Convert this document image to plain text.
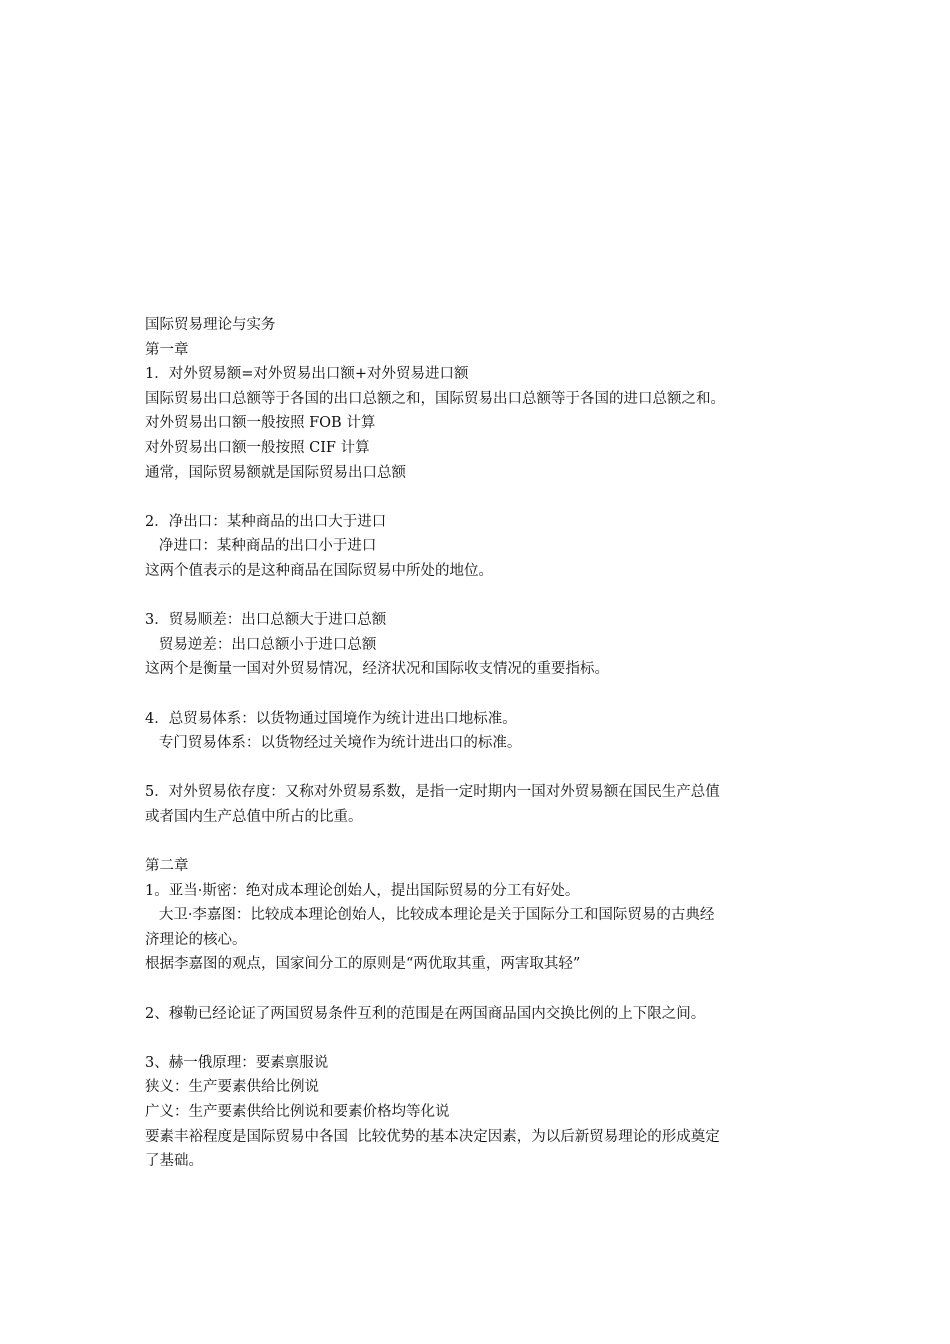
国际贸易理论与实务
第一章
1．对外贸易额=对外贸易出口额+对外贸易进口额
国际贸易出口总额等于各国的出口总额之和，国际贸易出口总额等于各国的进口总额之和。
对外贸易出口额一般按照 FOB 计算
对外贸易出口额一般按照 CIF 计算
通常，国际贸易额就是国际贸易出口总额
2．净出口：某种商品的出口大于进口
净进口：某种商品的出口小于进口
这两个值表示的是这种商品在国际贸易中所处的地位。
3．贸易顺差：出口总额大于进口总额
贸易逆差：出口总额小于进口总额
这两个是衡量一国对外贸易情况，经济状况和国际收支情况的重要指标。
4．总贸易体系：以货物通过国境作为统计进出口地标准。
专门贸易体系：以货物经过关境作为统计进出口的标准。
5．对外贸易依存度：又称对外贸易系数，是指一定时期内一国对外贸易额在国民生产总值
或者国内生产总值中所占的比重。
第二章
1。亚当·斯密：绝对成本理论创始人，提出国际贸易的分工有好处。
大卫·李嘉图：比较成本理论创始人，比较成本理论是关于国际分工和国际贸易的古典经
济理论的核心。
根据李嘉图的观点，国家间分工的原则是“两优取其重，两害取其轻”
2、穆勒已经论证了两国贸易条件互利的范围是在两国商品国内交换比例的上下限之间。
3、赫一俄原理：要素禀服说
狭义：生产要素供给比例说
广义：生产要素供给比例说和要素价格均等化说
要素丰裕程度是国际贸易中各国  比较优势的基本决定因素，为以后新贸易理论的形成奠定
了基础。
